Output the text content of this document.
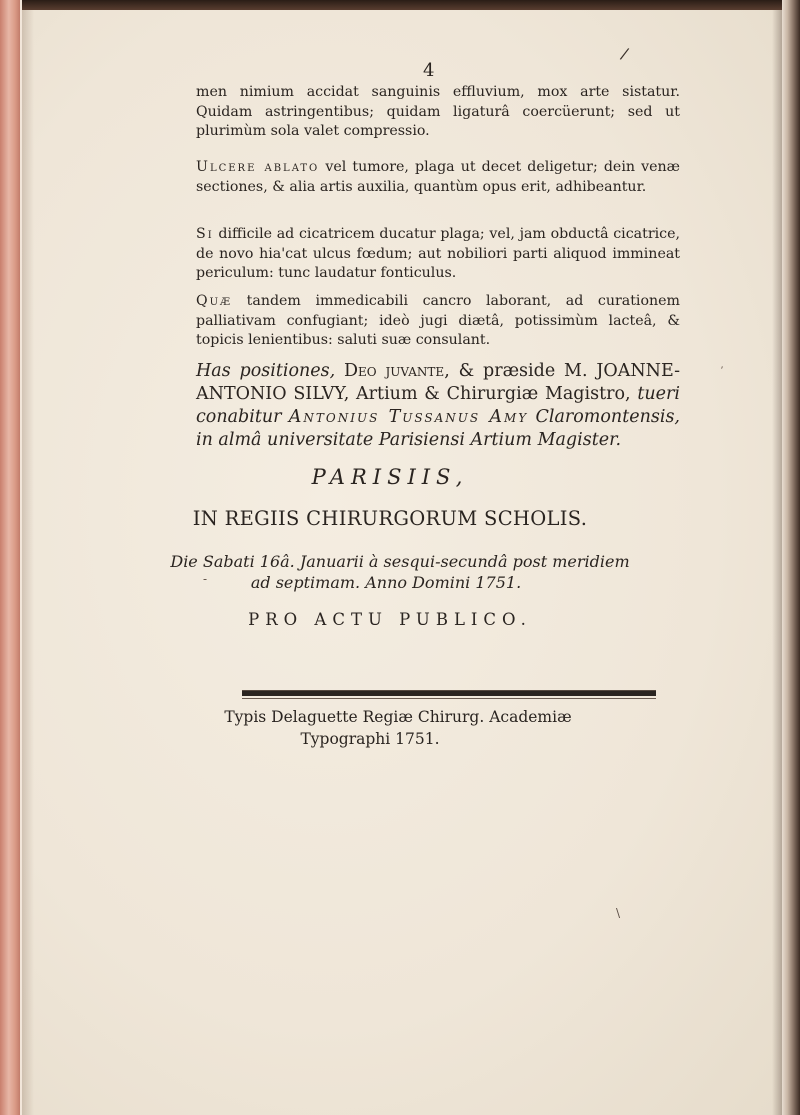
4
/
men nimium accidat sanguinis effluvium, mox arte sistatur. Quidam astringentibus; quidam ligaturâ coercüerunt; sed ut plurimùm sola valet compressio.
Ulcere ablato vel tumore, plaga ut decet deligetur; dein venæ sectiones, & alia artis auxilia, quantùm opus erit, adhibeantur.
Si difficile ad cicatricem ducatur plaga; vel, jam obductâ cicatrice, de novo hia'cat ulcus fœdum; aut nobiliori parti aliquod immineat periculum: tunc laudatur fonticulus.
Quæ tandem immedicabili cancro laborant, ad curationem palliativam confugiant; ideò jugi diætâ, potissimùm lacteâ, & topicis lenientibus: saluti suæ consulant.
Has positiones, Deo juvante, & præside M. JOANNE-ANTONIO SILVY, Artium & Chirurgiæ Magistro, tueri conabitur Antonius Tussanus Amy Claromontensis, in almâ universitate Parisiensi Artium Magister.
′
PARISIIS,
IN REGIIS CHIRURGORUM SCHOLIS.
Die Sabati 16â. Januarii à sesqui-secundâ post meridiem
-	ad septimam. Anno Domini 1751.
PRO ACTU PUBLICO.
Typis Delaguette Regiæ Chirurg. Academiæ
Typographi 1751.
\
